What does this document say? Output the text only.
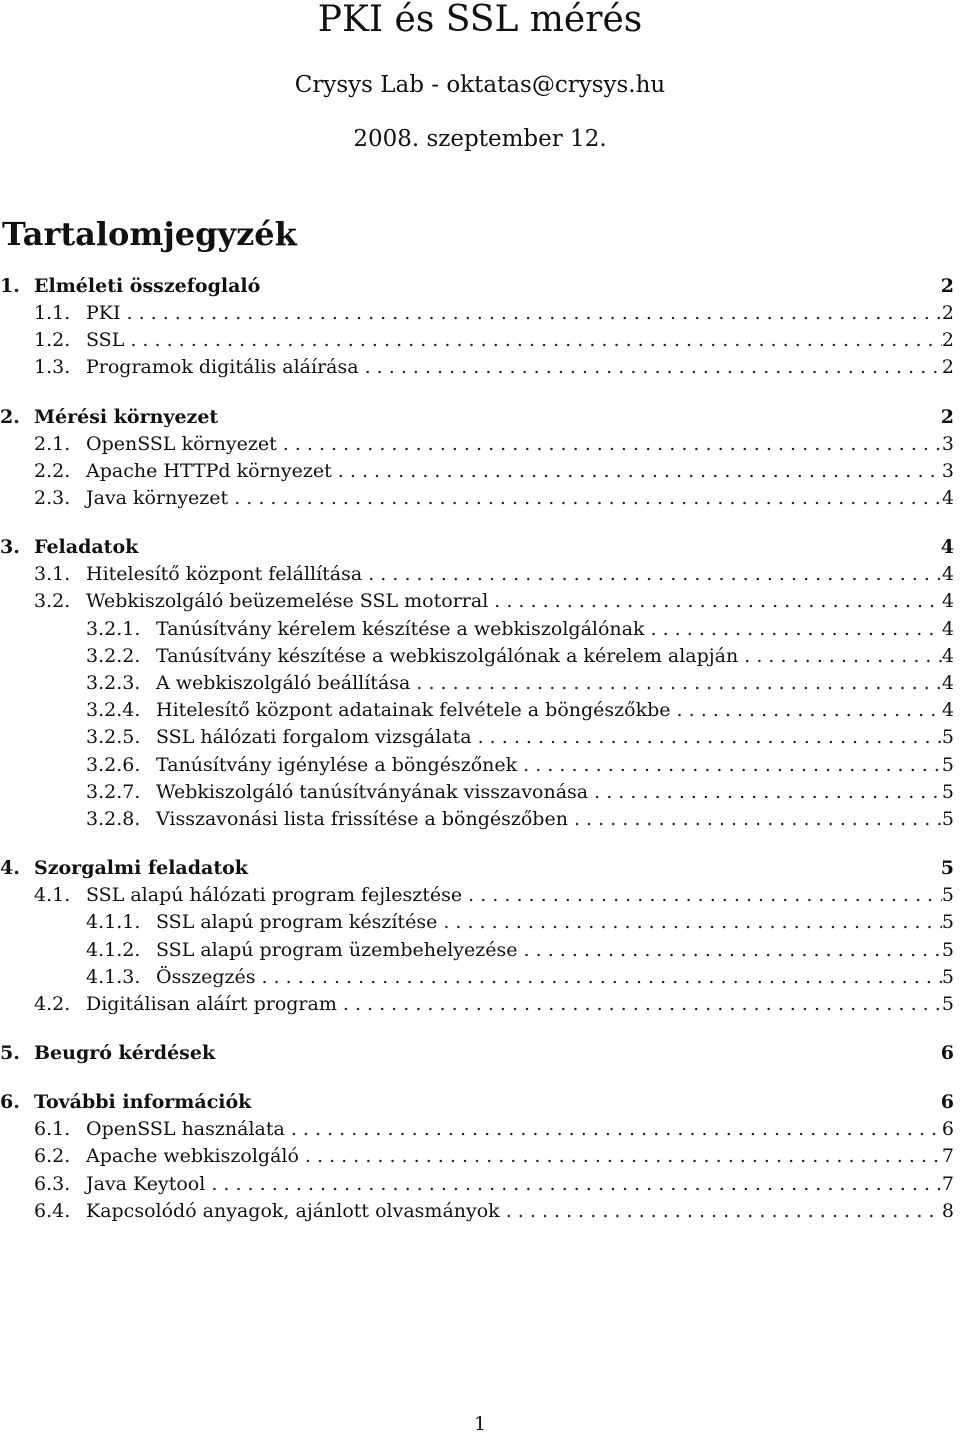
PKI és SSL mérés
Crysys Lab - oktatas@crysys.hu
2008. szeptember 12.
Tartalomjegyzék
1. Elméleti összefoglaló	2
1.1. PKI . . .	2
1.2. SSL . . .	2
1.3. Programok digitális aláírása . . .	2
2. Mérési környezet	2
2.1. OpenSSL környezet . . .	3
2.2. Apache HTTPd környezet . . .	3
2.3. Java környezet . . .	4
3. Feladatok	4
3.1. Hitelesítő központ felállítása . . .	4
3.2. Webkiszolgáló beüzemelése SSL motorral . . .	4
3.2.1. Tanúsítvány kérelem készítése a webkiszolgálónak . . .	4
3.2.2. Tanúsítvány készítése a webkiszolgálónak a kérelem alapján . . .	4
3.2.3. A webkiszolgáló beállítása . . .	4
3.2.4. Hitelesítő központ adatainak felvétele a böngészőkbe . . .	4
3.2.5. SSL hálózati forgalom vizsgálata . . .	5
3.2.6. Tanúsítvány igénylése a böngészőnek . . .	5
3.2.7. Webkiszolgáló tanúsítványának visszavonása . . .	5
3.2.8. Visszavonási lista frissítése a böngészőben . . .	5
4. Szorgalmi feladatok	5
4.1. SSL alapú hálózati program fejlesztése . . .	5
4.1.1. SSL alapú program készítése . . .	5
4.1.2. SSL alapú program üzembehelyezése . . .	5
4.1.3. Összegzés . . .	5
4.2. Digitálisan aláírt program . . .	5
5. Beugró kérdések	6
6. További információk	6
6.1. OpenSSL használata . . .	6
6.2. Apache webkiszolgáló . . .	7
6.3. Java Keytool . . .	7
6.4. Kapcsolódó anyagok, ajánlott olvasmányok . . .	8
1
